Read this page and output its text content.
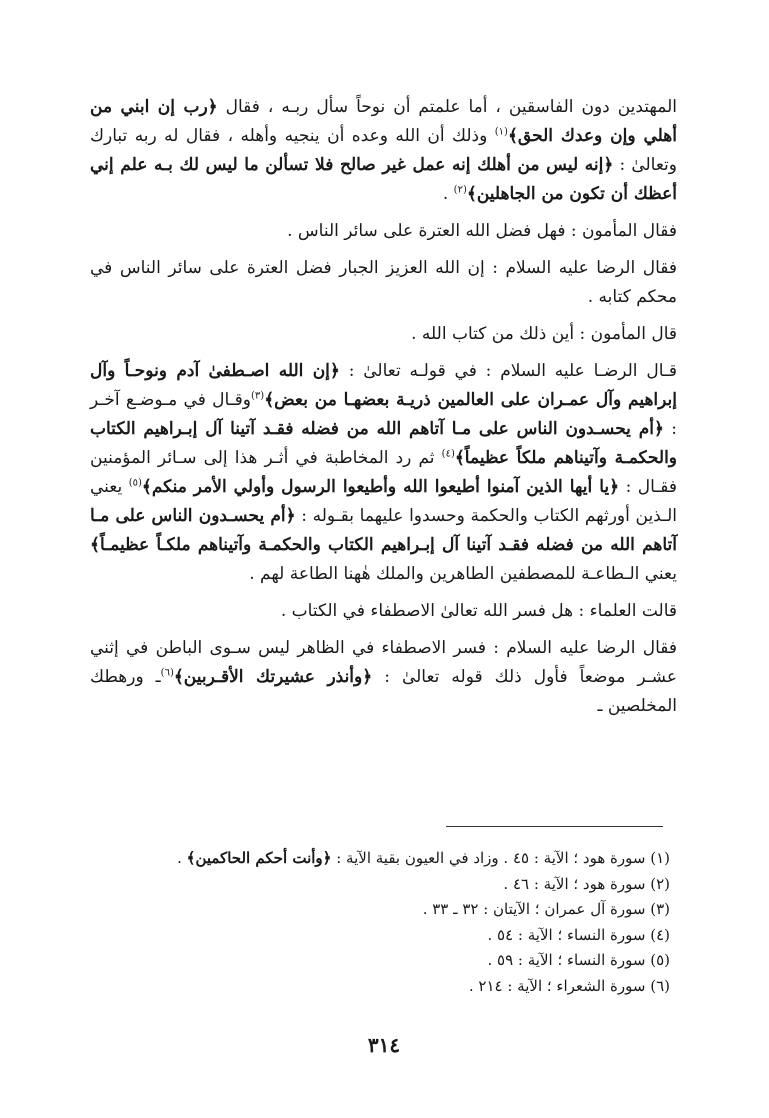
المهتدين دون الفاسقين ، أما علمتم أن نوحاً سأل ربـه ، فقال ﴿رب إن ابني من أهلي وإن وعدك الحق﴾$^{(١)}$ وذلك أن الله وعده أن ينجيه وأهله ، فقال له ربه تبارك وتعالىٰ : ﴿إنه ليس من أهلك إنه عمل غير صالح فلا تسألن ما ليس لك بـه علم إني أعظك أن تكون من الجاهلين﴾$^{(٢)}$ .

فقال المأمون : فهل فضل الله العترة على سائر الناس .

فقال الرضا عليه السلام : إن الله العزيز الجبار فضل العترة على سائر الناس في محكم كتابه .

قال المأمون : أين ذلك من كتاب الله .

قـال الرضـا عليه السلام : في قولـه تعالىٰ : ﴿إن الله اصـطفىٰ آدم ونوحـاً وآل إبراهيم وآل عمـران على العالمين ذريـة بعضهـا من بعض﴾$^{(٣)}$وقـال في مـوضـع آخـر : ﴿أم يحسـدون الناس على مـا آتاهم الله من فضله فقـد آتينا آل إبـراهيم الكتاب والحكمـة وآتيناهم ملكاً عظيماً﴾$^{(٤)}$ ثم رد المخاطبة في أثـر هذا إلى سـائر المؤمنين فقـال : ﴿يا أيها الذين آمنوا أطيعوا الله وأطيعوا الرسول وأولي الأمر منكم﴾$^{(٥)}$ يعني الـذين أورثهم الكتاب والحكمة وحسدوا عليهما بقـوله : ﴿أم يحسـدون الناس على مـا آتاهم الله من فضله فقـد آتينا آل إبـراهيم الكتاب والحكمـة وآتيناهم ملكـاً عظيمـاً﴾ يعني الـطاعـة للمصطفين الطاهرين والملك هٰهنا الطاعة لهم .

قالت العلماء : هل فسر الله تعالىٰ الاصطفاء في الكتاب .

فقال الرضا عليه السلام : فسر الاصطفاء في الظاهر ليس سـوى الباطن في إثني عشـر موضعاً فأول ذلك قوله تعالىٰ : ﴿وأنذر عشيرتك الأقـربين﴾$^{(٦)}$ـ ورهطك المخلصين ـ

(١) سورة هود ؛ الآية : ٤٥ . وزاد في العيون بقية الآية : ﴿وأنت أحكم الحاكمين﴾ .
(٢) سورة هود ؛ الآية : ٤٦ .
(٣) سورة آل عمران ؛ الآيتان : ٣٢ ـ ٣٣ .
(٤) سورة النساء ؛ الآية : ٥٤ .
(٥) سورة النساء ؛ الآية : ٥٩ .
(٦) سورة الشعراء ؛ الآية : ٢١٤ .
٣١٤
